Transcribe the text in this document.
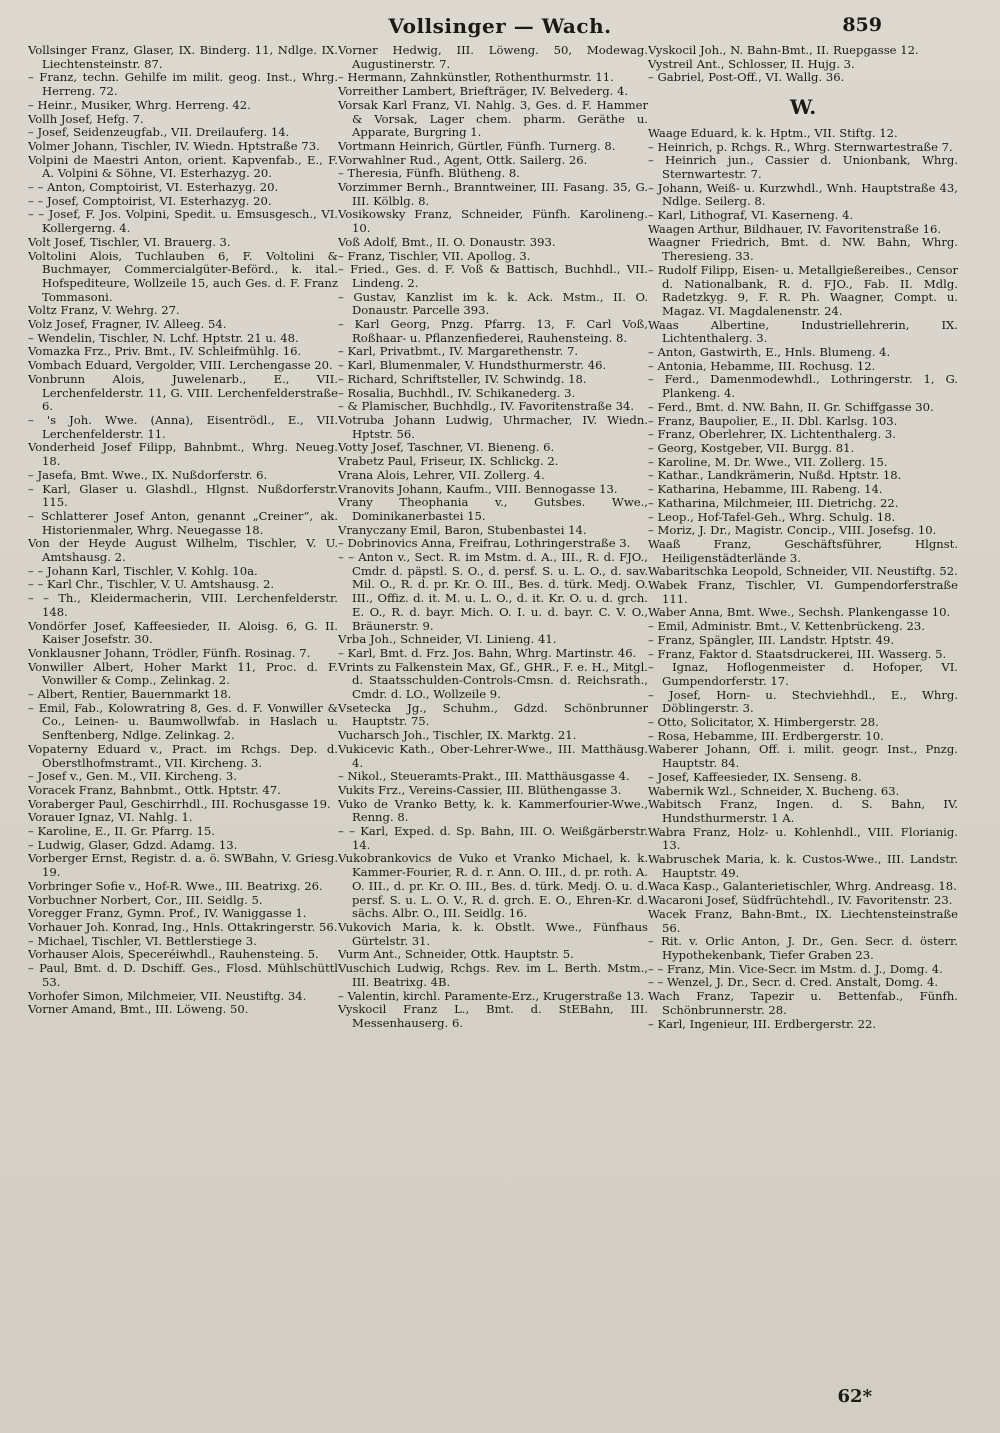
Vollsinger — Wach.	859

Vollsinger Franz, Glaser, IX. Binderg. 11, Ndlge. IX. Liechtensteinstr. 87.

– Franz, techn. Gehilfe im milit. geog. Inst., Whrg. Herreng. 72.

– Heinr., Musiker, Whrg. Herreng. 42.

Vollh Josef, Hefg. 7.

– Josef, Seidenzeugfab., VII. Dreilauferg. 14.

Volmer Johann, Tischler, IV. Wiedn. Hptstraße 73.

Volpini de Maestri Anton, orient. Kapvenfab., E., F. A. Volpini & Söhne, VI. Esterhazyg. 20.

– – Anton, Comptoirist, VI. Esterhazyg. 20.

– – Josef, Comptoirist, VI. Esterhazyg. 20.

– – Josef, F. Jos. Volpini, Spedit. u. Emsusgesch., VI. Kollergerng. 4.

Volt Josef, Tischler, VI. Brauerg. 3.

Voltolini Alois, Tuchlauben 6, F. Voltolini & Buchmayer, Commercialgüter-Beförd., k. ital. Hofspediteure, Wollzeile 15, auch Ges. d. F. Franz Tommasoni.

Voltz Franz, V. Wehrg. 27.

Volz Josef, Fragner, IV. Alleeg. 54.

– Wendelin, Tischler, N. Lchf. Hptstr. 21 u. 48.

Vomazka Frz., Priv. Bmt., IV. Schleifmühlg. 16.

Vombach Eduard, Vergolder, VIII. Lerchengasse 20.

Vonbrunn Alois, Juwelenarb., E., VII. Lerchenfelderstr. 11, G. VIII. Lerchenfelderstraße 6.

– 's Joh. Wwe. (Anna), Eisentrödl., E., VII. Lerchenfelderstr. 11.

Vonderheid Josef Filipp, Bahnbmt., Whrg. Neueg. 18.

– Jasefa, Bmt. Wwe., IX. Nußdorferstr. 6.

– Karl, Glaser u. Glashdl., Hlgnst. Nußdorferstr. 115.

– Schlatterer Josef Anton, genannt „Creiner“, ak. Historienmaler, Whrg. Neuegasse 18.

Von der Heyde August Wilhelm, Tischler, V. U. Amtshausg. 2.

– – Johann Karl, Tischler, V. Kohlg. 10a.

– – Karl Chr., Tischler, V. U. Amtshausg. 2.

– – Th., Kleidermacherin, VIII. Lerchenfelderstr. 148.

Vondörfer Josef, Kaffeesieder, II. Aloisg. 6, G. II. Kaiser Josefstr. 30.

Vonklausner Johann, Trödler, Fünfh. Rosinag. 7.

Vonwiller Albert, Hoher Markt 11, Proc. d. F. Vonwiller & Comp., Zelinkag. 2.

– Albert, Rentier, Bauernmarkt 18.

– Emil, Fab., Kolowratring 8, Ges. d. F. Vonwiller & Co., Leinen- u. Baumwollwfab. in Haslach u. Senftenberg, Ndlge. Zelinkag. 2.

Vopaterny Eduard v., Pract. im Rchgs. Dep. d. Oberstlhofmstramt., VII. Kircheng. 3.

– Josef v., Gen. M., VII. Kircheng. 3.

Voracek Franz, Bahnbmt., Ottk. Hptstr. 47.

Voraberger Paul, Geschirrhdl., III. Rochusgasse 19.

Vorauer Ignaz, VI. Nahlg. 1.

– Karoline, E., II. Gr. Pfarrg. 15.

– Ludwig, Glaser, Gdzd. Adamg. 13.

Vorberger Ernst, Registr. d. a. ö. SWBahn, V. Griesg. 19.

Vorbringer Sofie v., Hof-R. Wwe., III. Beatrixg. 26.

Vorbuchner Norbert, Cor., III. Seidlg. 5.

Voregger Franz, Gymn. Prof., IV. Waniggasse 1.

Vorhauer Joh. Konrad, Ing., Hnls. Ottakringerstr. 56.

– Michael, Tischler, VI. Bettlerstiege 3.

Vorhauser Alois, Speceréiwhdl., Rauhensteing. 5.

– Paul, Bmt. d. D. Dschiff. Ges., Flosd. Mühlschüttl 53.

Vorhofer Simon, Milchmeier, VII. Neustiftg. 34.

Vorner Amand, Bmt., III. Löweng. 50.

Vorner Hedwig, III. Löweng. 50, Modewag. Augustinerstr. 7.

– Hermann, Zahnkünstler, Rothenthurmstr. 11.

Vorreither Lambert, Briefträger, IV. Belvederg. 4.

Vorsak Karl Franz, VI. Nahlg. 3, Ges. d. F. Hammer & Vorsak, Lager chem. pharm. Geräthe u. Apparate, Burgring 1.

Vortmann Heinrich, Gürtler, Fünfh. Turnerg. 8.

Vorwahlner Rud., Agent, Ottk. Sailerg. 26.

– Theresia, Fünfh. Blütheng. 8.

Vorzimmer Bernh., Branntweiner, III. Fasang. 35, G. III. Kölblg. 8.

Vosikowsky Franz, Schneider, Fünfh. Karolineng. 10.

Voß Adolf, Bmt., II. O. Donaustr. 393.

– Franz, Tischler, VII. Apollog. 3.

– Fried., Ges. d. F. Voß & Battisch, Buchhdl., VII. Lindeng. 2.

– Gustav, Kanzlist im k. k. Ack. Mstm., II. O. Donaustr. Parcelle 393.

– Karl Georg, Pnzg. Pfarrg. 13, F. Carl Voß, Roßhaar- u. Pflanzenfiederei, Rauhensteing. 8.

– Karl, Privatbmt., IV. Margarethenstr. 7.

– Karl, Blumenmaler, V. Hundsthurmerstr. 46.

– Richard, Schriftsteller, IV. Schwindg. 18.

– Rosalia, Buchhdl., IV. Schikanederg. 3.

– & Plamischer, Buchhdlg., IV. Favoritenstraße 34.

Votruba Johann Ludwig, Uhrmacher, IV. Wiedn. Hptstr. 56.

Votty Josef, Taschner, VI. Bieneng. 6.

Vrabetz Paul, Friseur, IX. Schlickg. 2.

Vrana Alois, Lehrer, VII. Zollerg. 4.

Vranovits Johann, Kaufm., VIII. Bennogasse 13.

Vrany Theophania v., Gutsbes. Wwe., Dominikanerbastei 15.

Vranyczany Emil, Baron, Stubenbastei 14.

– Dobrinovics Anna, Freifrau, Lothringerstraße 3.

– – Anton v., Sect. R. im Mstm. d. A., III., R. d. FJO., Cmdr. d. päpstl. S. O., d. persf. S. u. L. O., d. sav. Mil. O., R. d. pr. Kr. O. III., Bes. d. türk. Medj. O. III., Offiz. d. it. M. u. L. O., d. it. Kr. O. u. d. grch. E. O., R. d. bayr. Mich. O. I. u. d. bayr. C. V. O., Bräunerstr. 9.

Vrba Joh., Schneider, VI. Linieng. 41.

– Karl, Bmt. d. Frz. Jos. Bahn, Whrg. Martinstr. 46.

Vrints zu Falkenstein Max, Gf., GHR., F. e. H., Mitgl. d. Staatsschulden-Controls-Cmsn. d. Reichsrath., Cmdr. d. LO., Wollzeile 9.

Vsetecka Jg., Schuhm., Gdzd. Schönbrunner Hauptstr. 75.

Vucharsch Joh., Tischler, IX. Marktg. 21.

Vukicevic Kath., Ober-Lehrer-Wwe., III. Matthäusg. 4.

– Nikol., Steueramts-Prakt., III. Matthäusgasse 4.

Vukits Frz., Vereins-Cassier, III. Blüthengasse 3.

Vuko de Vranko Betty, k. k. Kammerfourier-Wwe., Renng. 8.

– – Karl, Exped. d. Sp. Bahn, III. O. Weißgärberstr. 14.

Vukobrankovics de Vuko et Vranko Michael, k. k. Kammer-Fourier, R. d. r. Ann. O. III., d. pr. roth. A. O. III., d. pr. Kr. O. III., Bes. d. türk. Medj. O. u. d. persf. S. u. L. O. V., R. d. grch. E. O., Ehren-Kr. d. sächs. Albr. O., III. Seidlg. 16.

Vukovich Maria, k. k. Obstlt. Wwe., Fünfhaus Gürtelstr. 31.

Vurm Ant., Schneider, Ottk. Hauptstr. 5.

Vuschich Ludwig, Rchgs. Rev. im L. Berth. Mstm., III. Beatrixg. 4B.

– Valentin, kirchl. Paramente-Erz., Krugerstraße 13.

Vyskocil Franz L., Bmt. d. StEBahn, III. Messenhauserg. 6.

Vyskocil Joh., N. Bahn-Bmt., II. Ruepgasse 12.

Vystreil Ant., Schlosser, II. Hujg. 3.

– Gabriel, Post-Off., VI. Wallg. 36.

W.

Waage Eduard, k. k. Hptm., VII. Stiftg. 12.

– Heinrich, p. Rchgs. R., Whrg. Sternwartestraße 7.

– Heinrich jun., Cassier d. Unionbank, Whrg. Sternwartestr. 7.

– Johann, Weiß- u. Kurzwhdl., Wnh. Hauptstraße 43, Ndlge. Seilerg. 8.

– Karl, Lithograf, VI. Kaserneng. 4.

Waagen Arthur, Bildhauer, IV. Favoritenstraße 16.

Waagner Friedrich, Bmt. d. NW. Bahn, Whrg. Theresieng. 33.

– Rudolf Filipp, Eisen- u. Metallgießereibes., Censor d. Nationalbank, R. d. FJO., Fab. II. Mdlg. Radetzkyg. 9, F. R. Ph. Waagner, Compt. u. Magaz. VI. Magdalenenstr. 24.

Waas Albertine, Industriellehrerin, IX. Lichtenthalerg. 3.

– Anton, Gastwirth, E., Hnls. Blumeng. 4.

– Antonia, Hebamme, III. Rochusg. 12.

– Ferd., Damenmodewhdl., Lothringerstr. 1, G. Plankeng. 4.

– Ferd., Bmt. d. NW. Bahn, II. Gr. Schiffgasse 30.

– Franz, Baupolier, E., II. Dbl. Karlsg. 103.

– Franz, Oberlehrer, IX. Lichtenthalerg. 3.

– Georg, Kostgeber, VII. Burgg. 81.

– Karoline, M. Dr. Wwe., VII. Zollerg. 15.

– Kathar., Landkrämerin, Nußd. Hptstr. 18.

– Katharina, Hebamme, III. Rabeng. 14.

– Katharina, Milchmeier, III. Dietrichg. 22.

– Leop., Hof-Tafel-Geh., Whrg. Schulg. 18.

– Moriz, J. Dr., Magistr. Concip., VIII. Josefsg. 10.

Waaß Franz, Geschäftsführer, Hlgnst. Heiligenstädterlände 3.

Wabaritschka Leopold, Schneider, VII. Neustiftg. 52.

Wabek Franz, Tischler, VI. Gumpendorferstraße 111.

Waber Anna, Bmt. Wwe., Sechsh. Plankengasse 10.

– Emil, Administr. Bmt., V. Kettenbrückeng. 23.

– Franz, Spängler, III. Landstr. Hptstr. 49.

– Franz, Faktor d. Staatsdruckerei, III. Wasserg. 5.

– Ignaz, Hoflogenmeister d. Hofoper, VI. Gumpendorferstr. 17.

– Josef, Horn- u. Stechviehhdl., E., Whrg. Döblingerstr. 3.

– Otto, Solicitator, X. Himbergerstr. 28.

– Rosa, Hebamme, III. Erdbergerstr. 10.

Waberer Johann, Off. i. milit. geogr. Inst., Pnzg. Hauptstr. 84.

– Josef, Kaffeesieder, IX. Senseng. 8.

Wabernik Wzl., Schneider, X. Bucheng. 63.

Wabitsch Franz, Ingen. d. S. Bahn, IV. Hundsthurmerstr. 1 A.

Wabra Franz, Holz- u. Kohlenhdl., VIII. Florianig. 13.

Wabruschek Maria, k. k. Custos-Wwe., III. Landstr. Hauptstr. 49.

Waca Kasp., Galanterietischler, Whrg. Andreasg. 18.

Wacaroni Josef, Südfrüchtehdl., IV. Favoritenstr. 23.

Wacek Franz, Bahn-Bmt., IX. Liechtensteinstraße 56.

– Rit. v. Orlic Anton, J. Dr., Gen. Secr. d. österr. Hypothekenbank, Tiefer Graben 23.

– – Franz, Min. Vice-Secr. im Mstm. d. J., Domg. 4.

– – Wenzel, J. Dr., Secr. d. Cred. Anstalt, Domg. 4.

Wach Franz, Tapezir u. Bettenfab., Fünfh. Schönbrunnerstr. 28.

– Karl, Ingenieur, III. Erdbergerstr. 22.

62*
